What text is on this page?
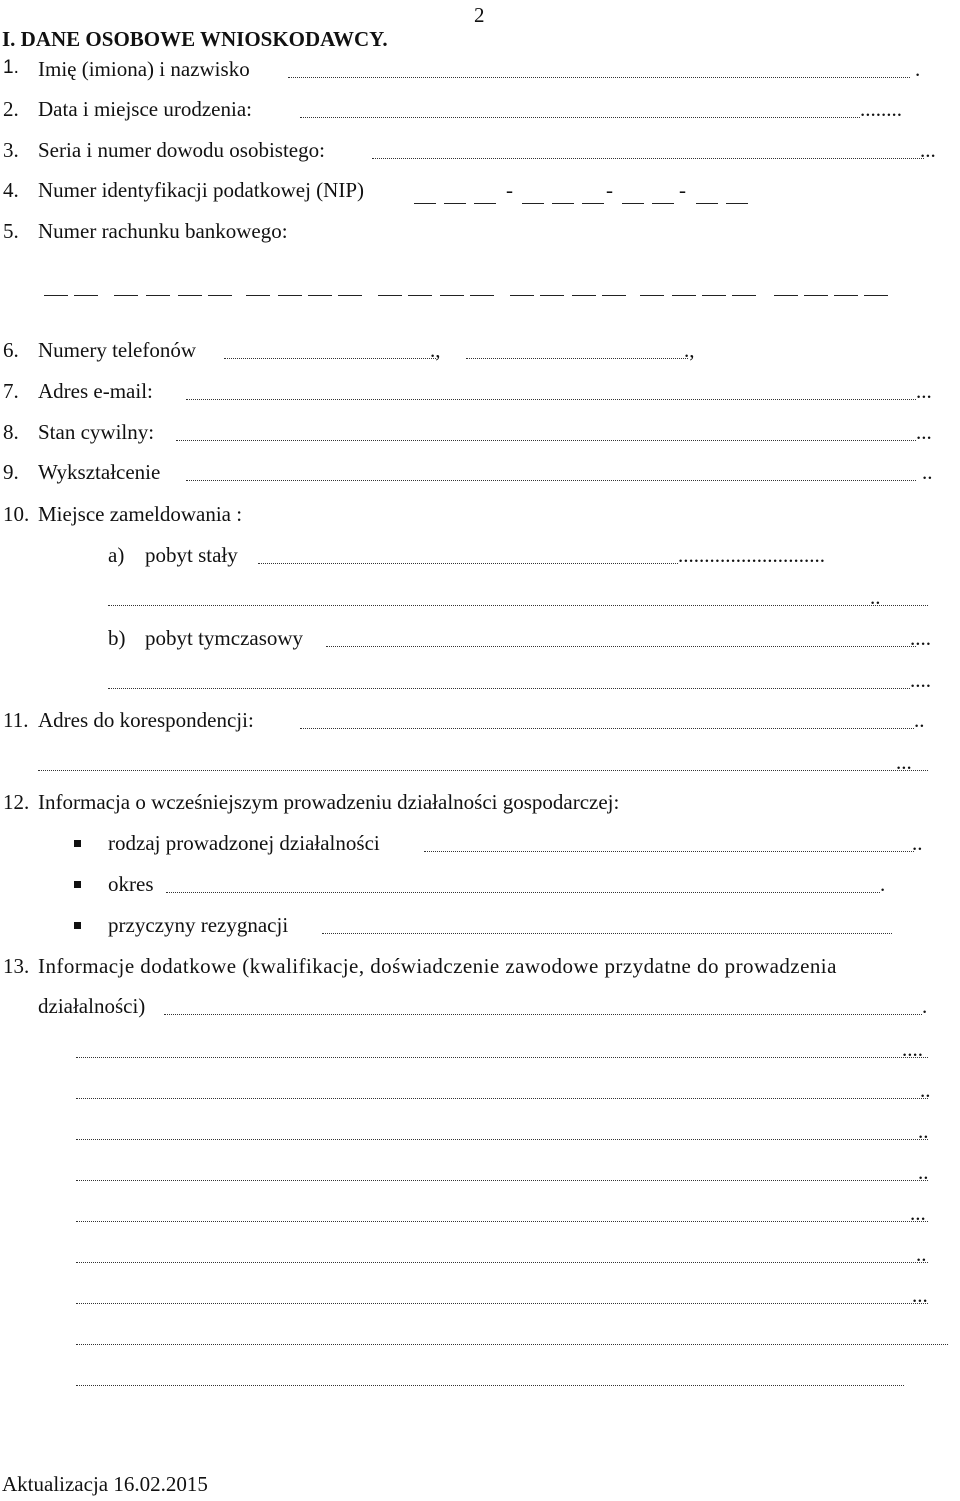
2
I. DANE OSOBOWE WNIOSKODAWCY.
1. Imię (imiona) i nazwisko	.
2. Data i miejsce urodzenia:	........
3. Seria i numer dowodu osobistego:	...
4. Numer identyfikacji podatkowej (NIP)	-	-	-
5. Numer rachunku bankowego:
6. Numery telefonów	.,	.,
7. Adres e-mail:	...
8. Stan cywilny:	...
9. Wykształcenie	..
10. Miejsce zameldowania :
a) pobyt stały	............................
..
b) pobyt tymczasowy	....
....
11. Adres do korespondencji:	..
...
12. Informacja o wcześniejszym prowadzeniu działalności gospodarczej:
rodzaj prowadzonej działalności	..
okres	.
przyczyny rezygnacji
13. Informacje dodatkowe (kwalifikacje, doświadczenie zawodowe przydatne do prowadzenia
działalności)	.
....
..
..
..
...
..
...
Aktualizacja 16.02.2015
